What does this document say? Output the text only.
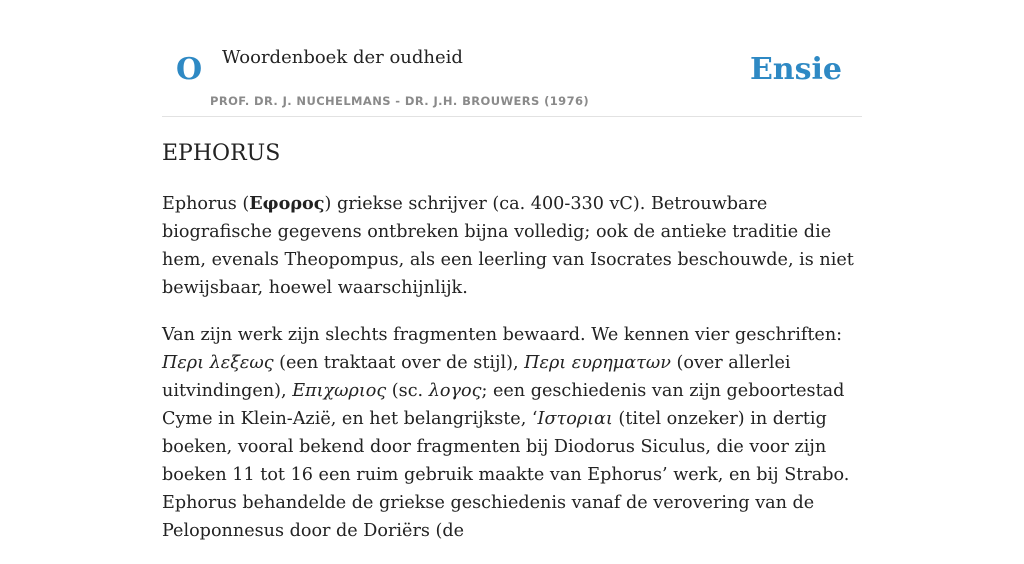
O Woordenboek der oudheid
PROF. DR. J. NUCHELMANS - DR. J.H. BROUWERS (1976)
Ensie
EPHORUS

Ephorus (Εφορος) griekse schrijver (ca. 400-330 vC). Betrouwbare biografische gegevens ontbreken bijna volledig; ook de antieke traditie die hem, evenals Theopompus, als een leerling van Isocrates beschouwde, is niet bewijsbaar, hoewel waarschijnlijk.

Van zijn werk zijn slechts fragmenten bewaard. We kennen vier geschriften: Περι λεξεως (een traktaat over de stijl), Περι ευρηματων (over allerlei uitvindingen), Επιχωριος (sc. λογος; een geschiedenis van zijn geboortestad Cyme in Klein-Azië, en het belangrijkste, ‘Ιστοριαι (titel onzeker) in dertig boeken, vooral bekend door fragmenten bij Diodorus Siculus, die voor zijn boeken 11 tot 16 een ruim gebruik maakte van Ephorus’ werk, en bij Strabo. Ephorus behandelde de griekse geschiedenis vanaf de verovering van de Peloponnesus door de Doriërs (de
